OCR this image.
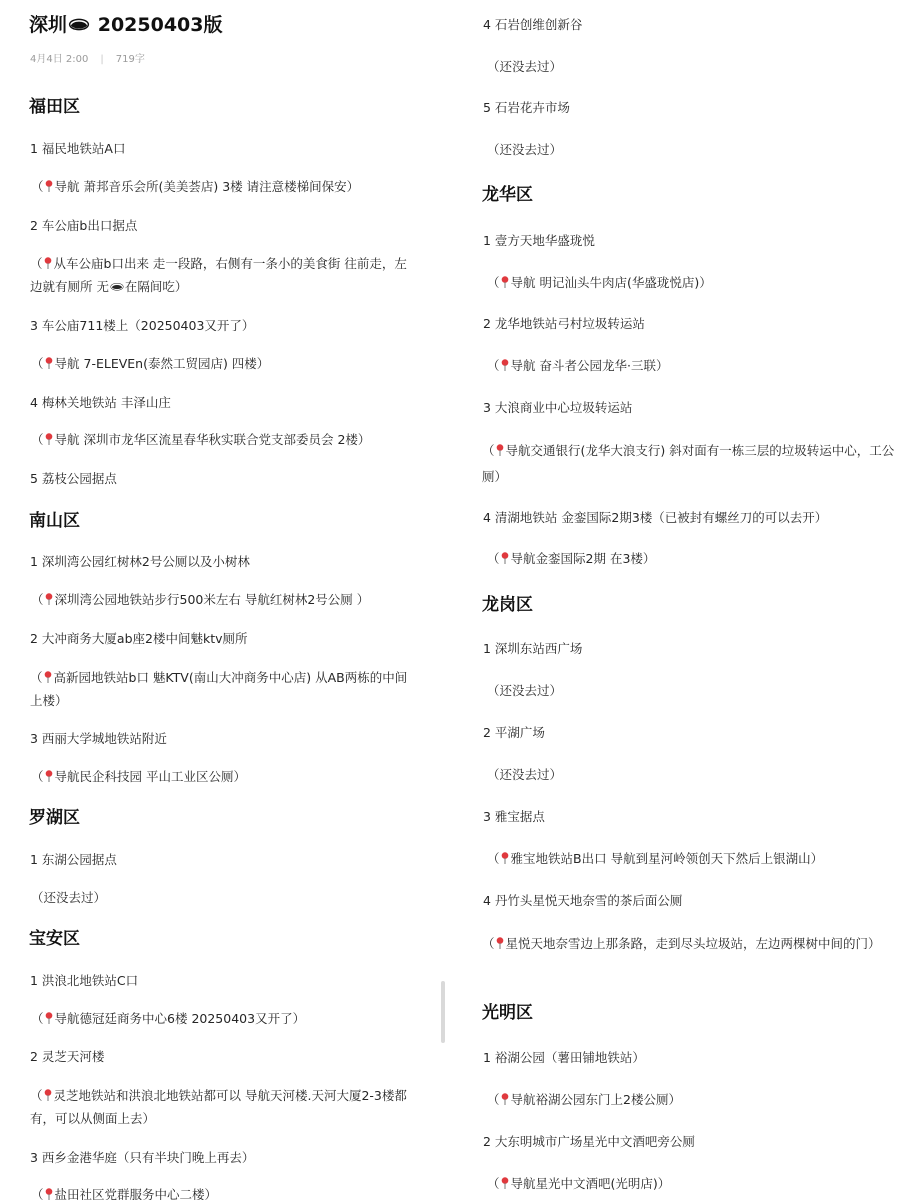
深圳🕳 20250403版
4月4日 2:00 | 719字
福田区
1 福民地铁站A口
（ 导航 萧邦音乐会所(美美荟店) 3楼 请注意楼梯间保安）
2 车公庙b出口据点
（ 从车公庙b口出来 走一段路，右侧有一条小的美食街 往前走，左边就有厕所 无🕳在隔间吃）
3 车公庙711楼上（20250403又开了）
（ 导航 7-ELEVEn(泰然工贸园店) 四楼）
4 梅林关地铁站 丰泽山庄
（ 导航 深圳市龙华区流星春华秋实联合党支部委员会 2楼）
5 荔枝公园据点
南山区
1 深圳湾公园红树林2号公厕以及小树林
（ 深圳湾公园地铁站步行500米左右 导航红树林2号公厕 ）
2 大冲商务大厦ab座2楼中间魅ktv厕所
（ 高新园地铁站b口 魅KTV(南山大冲商务中心店) 从AB两栋的中间上楼）
3 西丽大学城地铁站附近
（ 导航民企科技园 平山工业区公厕）
罗湖区
1 东湖公园据点
（还没去过）
宝安区
1 洪浪北地铁站C口
（ 导航德冠廷商务中心6楼 20250403又开了）
2 灵芝天河楼
（ 灵芝地铁站和洪浪北地铁站都可以 导航天河楼.天河大厦2-3楼都有，可以从侧面上去）
3 西乡金港华庭（只有半块门晚上再去）
（ 盐田社区党群服务中心二楼）
4 石岩创维创新谷
（还没去过）
5 石岩花卉市场
（还没去过）
龙华区
1 壹方天地华盛珑悦
（ 导航 明记汕头牛肉店(华盛珑悦店)）
2 龙华地铁站弓村垃圾转运站
（ 导航 奋斗者公园龙华·三联）
3 大浪商业中心垃圾转运站
（ 导航交通银行(龙华大浪支行) 斜对面有一栋三层的垃圾转运中心，工公厕）
4 清湖地铁站 金銮国际2期3楼（已被封有螺丝刀的可以去开）
（ 导航金銮国际2期 在3楼）
龙岗区
1 深圳东站西广场
（还没去过）
2 平湖广场
（还没去过）
3 雅宝据点
（ 雅宝地铁站B出口 导航到星河岭领创天下然后上银湖山）
4 丹竹头星悦天地奈雪的茶后面公厕
（ 星悦天地奈雪边上那条路，走到尽头垃圾站，左边两棵树中间的门）
光明区
1 裕湖公园（薯田铺地铁站）
（ 导航裕湖公园东门上2楼公厕）
2 大东明城市广场星光中文酒吧旁公厕
（ 导航星光中文酒吧(光明店)）
